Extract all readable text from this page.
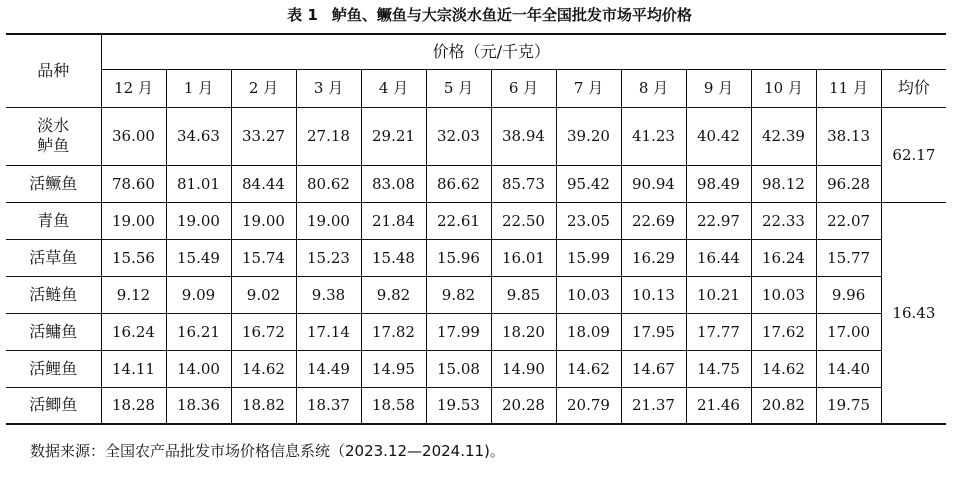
表 1 鲈鱼、鳜鱼与大宗淡水鱼近一年全国批发市场平均价格
品种	价格（元/千克）												
	12 月	1 月	2 月	3 月	4 月	5 月	6 月	7 月	8 月	9 月	10 月	11 月	均价
淡水鲈鱼	36.00	34.63	33.27	27.18	29.21	32.03	38.94	39.20	41.23	40.42	42.39	38.13	62.17
活鳜鱼	78.60	81.01	84.44	80.62	83.08	86.62	85.73	95.42	90.94	98.49	98.12	96.28	
青鱼	19.00	19.00	19.00	19.00	21.84	22.61	22.50	23.05	22.69	22.97	22.33	22.07	16.43
活草鱼	15.56	15.49	15.74	15.23	15.48	15.96	16.01	15.99	16.29	16.44	16.24	15.77	
活鲢鱼	9.12	9.09	9.02	9.38	9.82	9.82	9.85	10.03	10.13	10.21	10.03	9.96	
活鳙鱼	16.24	16.21	16.72	17.14	17.82	17.99	18.20	18.09	17.95	17.77	17.62	17.00	
活鲤鱼	14.11	14.00	14.62	14.49	14.95	15.08	14.90	14.62	14.67	14.75	14.62	14.40	
活鲫鱼	18.28	18.36	18.82	18.37	18.58	19.53	20.28	20.79	21.37	21.46	20.82	19.75	
数据来源：全国农产品批发市场价格信息系统（2023.12—2024.11)。
